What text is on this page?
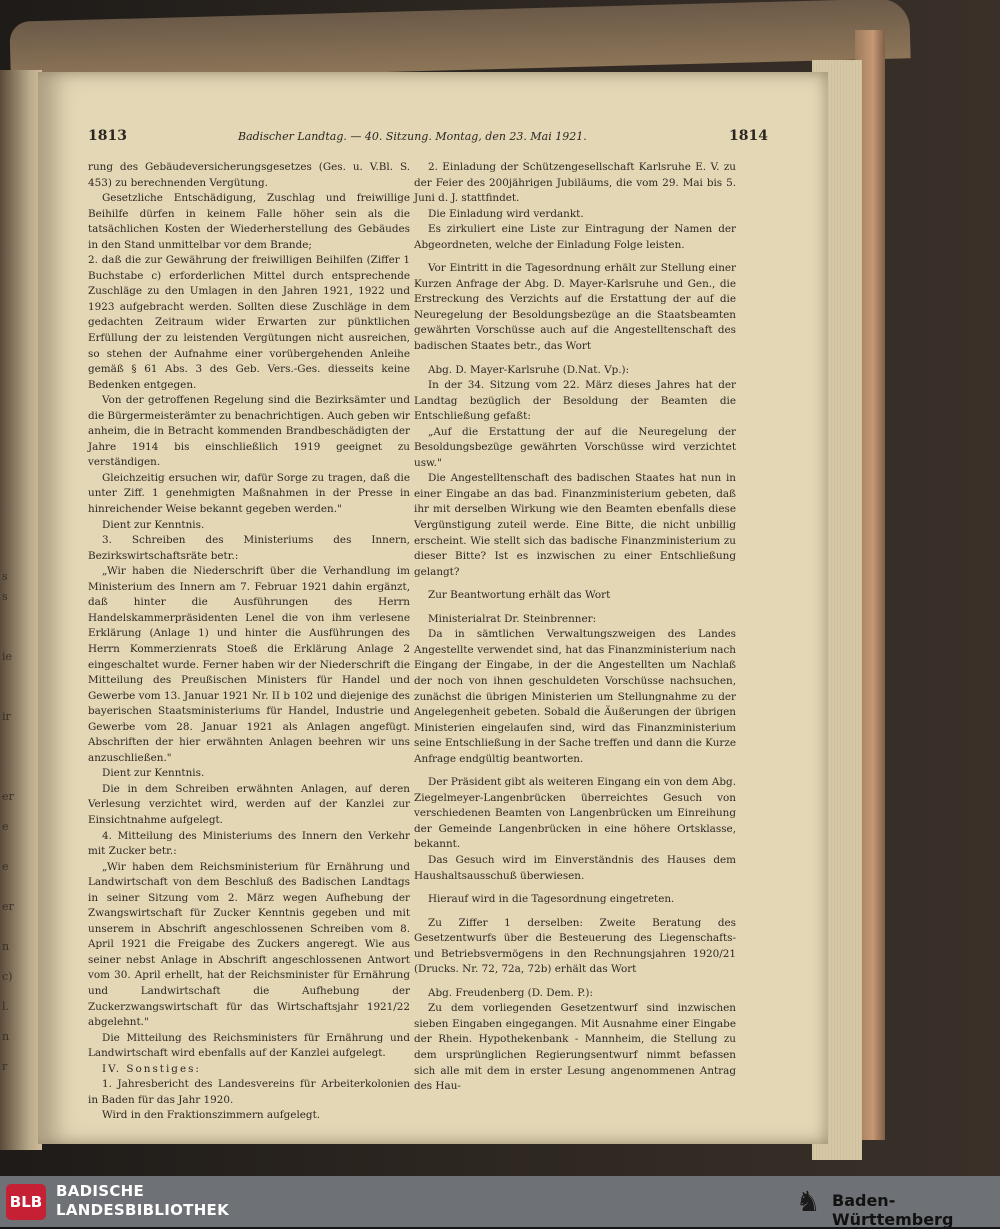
s
s
ie
ir
er
e
e
er
n
c)
l.
n
r
1813	Badischer Landtag. — 40. Sitzung. Montag, den 23. Mai 1921.	1814

rung des Gebäudeversicherungsgesetzes (Ges. u. V.Bl. S. 453) zu berechnenden Vergütung.

Gesetzliche Entschädigung, Zuschlag und freiwillige Beihilfe dürfen in keinem Falle höher sein als die tatsächlichen Kosten der Wiederherstellung des Gebäudes in den Stand unmittelbar vor dem Brande;

2. daß die zur Gewährung der freiwilligen Beihilfen (Ziffer 1 Buchstabe c) erforderlichen Mittel durch entsprechende Zuschläge zu den Umlagen in den Jahren 1921, 1922 und 1923 aufgebracht werden. Sollten diese Zuschläge in dem gedachten Zeitraum wider Erwarten zur pünktlichen Erfüllung der zu leistenden Vergütungen nicht ausreichen, so stehen der Aufnahme einer vorübergehenden Anleihe gemäß § 61 Abs. 3 des Geb. Vers.-Ges. diesseits keine Bedenken entgegen.

Von der getroffenen Regelung sind die Bezirksämter und die Bürgermeisterämter zu benachrichtigen. Auch geben wir anheim, die in Betracht kommenden Brandbeschädigten der Jahre 1914 bis einschließlich 1919 geeignet zu verständigen.

Gleichzeitig ersuchen wir, dafür Sorge zu tragen, daß die unter Ziff. 1 genehmigten Maßnahmen in der Presse in hinreichender Weise bekannt gegeben werden."

Dient zur Kenntnis.

3. Schreiben des Ministeriums des Innern, Bezirkswirtschaftsräte betr.:

„Wir haben die Niederschrift über die Verhandlung im Ministerium des Innern am 7. Februar 1921 dahin ergänzt, daß hinter die Ausführungen des Herrn Handelskammerpräsidenten Lenel die von ihm verlesene Erklärung (Anlage 1) und hinter die Ausführungen des Herrn Kommerzienrats Stoeß die Erklärung Anlage 2 eingeschaltet wurde. Ferner haben wir der Niederschrift die Mitteilung des Preußischen Ministers für Handel und Gewerbe vom 13. Januar 1921 Nr. II b 102 und diejenige des bayerischen Staatsministeriums für Handel, Industrie und Gewerbe vom 28. Januar 1921 als Anlagen angefügt. Abschriften der hier erwähnten Anlagen beehren wir uns anzuschließen."

Dient zur Kenntnis.

Die in dem Schreiben erwähnten Anlagen, auf deren Verlesung verzichtet wird, werden auf der Kanzlei zur Einsichtnahme aufgelegt.

4. Mitteilung des Ministeriums des Innern den Verkehr mit Zucker betr.:

„Wir haben dem Reichsministerium für Ernährung und Landwirtschaft von dem Beschluß des Badischen Landtags in seiner Sitzung vom 2. März wegen Aufhebung der Zwangswirtschaft für Zucker Kenntnis gegeben und mit unserem in Abschrift angeschlossenen Schreiben vom 8. April 1921 die Freigabe des Zuckers angeregt. Wie aus seiner nebst Anlage in Abschrift angeschlossenen Antwort vom 30. April erhellt, hat der Reichsminister für Ernährung und Landwirtschaft die Aufhebung der Zuckerzwangswirtschaft für das Wirtschaftsjahr 1921/22 abgelehnt."

Die Mitteilung des Reichsministers für Ernährung und Landwirtschaft wird ebenfalls auf der Kanzlei aufgelegt.

IV. Sonstiges:

1. Jahresbericht des Landesvereins für Arbeiterkolonien in Baden für das Jahr 1920.

Wird in den Fraktionszimmern aufgelegt.

2. Einladung der Schützengesellschaft Karlsruhe E. V. zu der Feier des 200jährigen Jubiläums, die vom 29. Mai bis 5. Juni d. J. stattfindet.

Die Einladung wird verdankt.

Es zirkuliert eine Liste zur Eintragung der Namen der Abgeordneten, welche der Einladung Folge leisten.

Vor Eintritt in die Tagesordnung erhält zur Stellung einer Kurzen Anfrage der Abg. D. Mayer-Karlsruhe und Gen., die Erstreckung des Verzichts auf die Erstattung der auf die Neuregelung der Besoldungsbezüge an die Staatsbeamten gewährten Vorschüsse auch auf die Angestelltenschaft des badischen Staates betr., das Wort

Abg. D. Mayer-Karlsruhe (D.Nat. Vp.):

In der 34. Sitzung vom 22. März dieses Jahres hat der Landtag bezüglich der Besoldung der Beamten die Entschließung gefaßt:

„Auf die Erstattung der auf die Neuregelung der Besoldungsbezüge gewährten Vorschüsse wird verzichtet usw."

Die Angestelltenschaft des badischen Staates hat nun in einer Eingabe an das bad. Finanzministerium gebeten, daß ihr mit derselben Wirkung wie den Beamten ebenfalls diese Vergünstigung zuteil werde. Eine Bitte, die nicht unbillig erscheint. Wie stellt sich das badische Finanzministerium zu dieser Bitte? Ist es inzwischen zu einer Entschließung gelangt?

Zur Beantwortung erhält das Wort

Ministerialrat Dr. Steinbrenner:

Da in sämtlichen Verwaltungszweigen des Landes Angestellte verwendet sind, hat das Finanzministerium nach Eingang der Eingabe, in der die Angestellten um Nachlaß der noch von ihnen geschuldeten Vorschüsse nachsuchen, zunächst die übrigen Ministerien um Stellungnahme zu der Angelegenheit gebeten. Sobald die Äußerungen der übrigen Ministerien eingelaufen sind, wird das Finanzministerium seine Entschließung in der Sache treffen und dann die Kurze Anfrage endgültig beantworten.

Der Präsident gibt als weiteren Eingang ein von dem Abg. Ziegelmeyer-Langenbrücken überreichtes Gesuch von verschiedenen Beamten von Langenbrücken um Einreihung der Gemeinde Langenbrücken in eine höhere Ortsklasse, bekannt.

Das Gesuch wird im Einverständnis des Hauses dem Haushaltsausschuß überwiesen.

Hierauf wird in die Tagesordnung eingetreten.

Zu Ziffer 1 derselben: Zweite Beratung des Gesetzentwurfs über die Besteuerung des Liegenschafts- und Betriebsvermögens in den Rechnungsjahren 1920/21 (Drucks. Nr. 72, 72a, 72b) erhält das Wort

Abg. Freudenberg (D. Dem. P.):

Zu dem vorliegenden Gesetzentwurf sind inzwischen sieben Eingaben eingegangen. Mit Ausnahme einer Eingabe der Rhein. Hypothekenbank - Mannheim, die Stellung zu dem ursprünglichen Regierungsentwurf nimmt befassen sich alle mit dem in erster Lesung angenommenen Antrag des Hau-

BLB
BADISCHE
LANDESBIBLIOTHEK	♞ Baden-Württemberg
